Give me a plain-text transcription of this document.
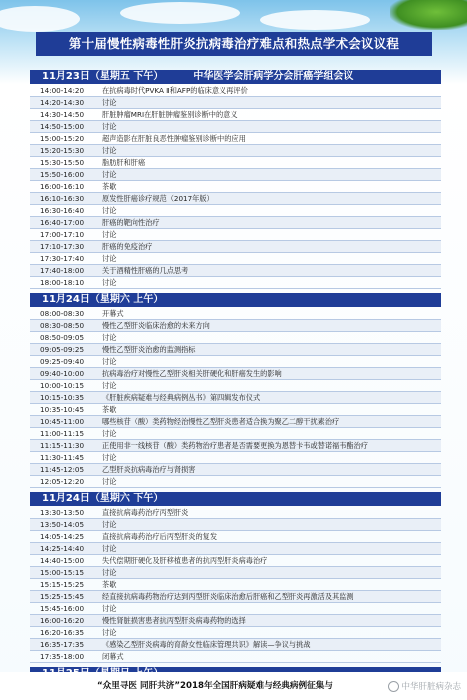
第十届慢性病毒性肝炎抗病毒治疗难点和热点学术会议议程
11月23日（星期五 下午）	中华医学会肝病学分会肝癌学组会议
14:00-14:20 在抗病毒时代PVKA Ⅱ和AFP的临床意义再评价
14:20-14:30 讨论
14:30-14:50 肝脏肿瘤MRI在肝脏肿瘤鉴别诊断中的意义
14:50-15:00 讨论
15:00-15:20 超声造影在肝脏良恶性肿瘤鉴别诊断中的应用
15:20-15:30 讨论
15:30-15:50 脂肪肝和肝癌
15:50-16:00 讨论
16:00-16:10 茶歇
16:10-16:30 原发性肝癌诊疗规范（2017年版）
16:30-16:40 讨论
16:40-17:00 肝癌的靶向性治疗
17:00-17:10 讨论
17:10-17:30 肝癌的免疫治疗
17:30-17:40 讨论
17:40-18:00 关于酒精性肝癌的几点思考
18:00-18:10 讨论
11月24日（星期六 上午）
08:00-08:30 开幕式
08:30-08:50 慢性乙型肝炎临床治愈的未来方向
08:50-09:05 讨论
09:05-09:25 慢性乙型肝炎治愈的监测指标
09:25-09:40 讨论
09:40-10:00 抗病毒治疗对慢性乙型肝炎相关肝硬化和肝癌发生的影响
10:00-10:15 讨论
10:15-10:35 《肝脏疾病疑难与经典病例丛书》第四辑发布仪式
10:35-10:45 茶歇
10:45-11:00 哪些核苷（酸）类药物经治慢性乙型肝炎患者适合换为聚乙二醇干扰素治疗
11:00-11:15 讨论
11:15-11:30 正使用非一线核苷（酸）类药物治疗患者是否需要更换为恩替卡韦或替诺福韦酯治疗
11:30-11:45 讨论
11:45-12:05 乙型肝炎抗病毒治疗与肾损害
12:05-12:20 讨论
11月24日（星期六 下午）
13:30-13:50 直接抗病毒药治疗丙型肝炎
13:50-14:05 讨论
14:05-14:25 直接抗病毒药治疗后丙型肝炎的复发
14:25-14:40 讨论
14:40-15:00 失代偿期肝硬化及肝移植患者的抗丙型肝炎病毒治疗
15:00-15:15 讨论
15:15-15:25 茶歇
15:25-15:45 经直接抗病毒药物治疗达到丙型肝炎临床治愈后肝癌和乙型肝炎再激活及其监测
15:45-16:00 讨论
16:00-16:20 慢性肾脏损害患者抗丙型肝炎病毒药物的选择
16:20-16:35 讨论
16:35-17:35 《感染乙型肝炎病毒的育龄女性临床管理共识》解读—争议与挑战
17:35-18:00 闭幕式
“众里寻医 同肝共济”2018年全国肝病疑难与经典病例征集与	中华肝脏病杂志
